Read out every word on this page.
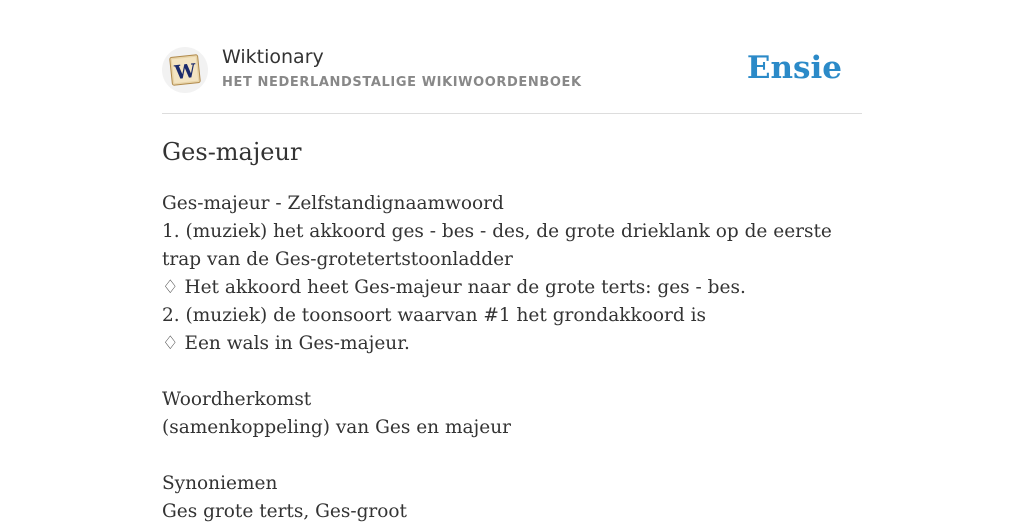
W
Wiktionary
HET NEDERLANDSTALIGE WIKIWOORDENBOEK	Ensie
Ges-majeur

Ges-majeur - Zelfstandignaamwoord

1. (muziek) het akkoord ges - bes - des, de grote drieklank op de eerste trap van de Ges-grotetertstoonladder

♢ Het akkoord heet Ges-majeur naar de grote terts: ges - bes.

2. (muziek) de toonsoort waarvan #1 het grondakkoord is

♢ Een wals in Ges-majeur.

Woordherkomst

(samenkoppeling) van Ges en majeur

Synoniemen

Ges grote terts, Ges-groot
